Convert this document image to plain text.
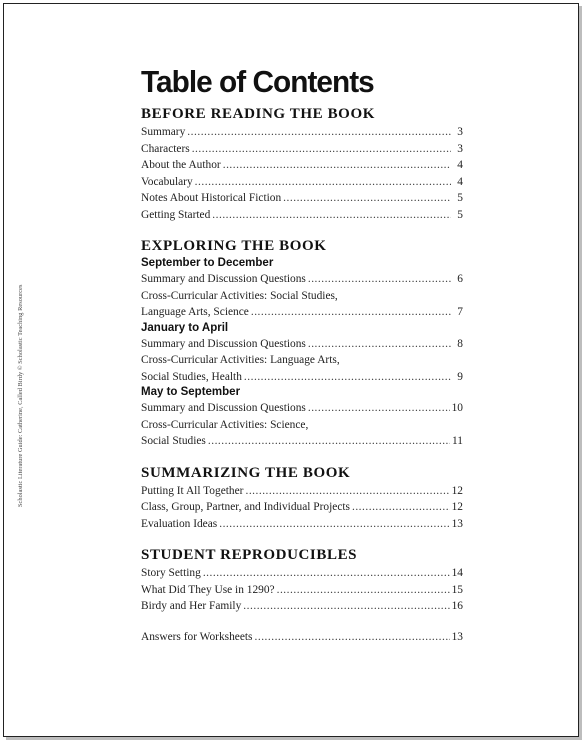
Scholastic Literature Guide: Catherine, Called Birdy © Scholastic Teaching Resources
Table of Contents
BEFORE READING THE BOOK
Summary .....	3
Characters .....	3
About the Author .....	4
Vocabulary .....	4
Notes About Historical Fiction .....	5
Getting Started .....	5
EXPLORING THE BOOK
September to December
Summary and Discussion Questions .....	6
Cross-Curricular Activities: Social Studies,
Language Arts, Science .....	7
January to April
Summary and Discussion Questions .....	8
Cross-Curricular Activities: Language Arts,
Social Studies, Health .....	9
May to September
Summary and Discussion Questions .....	10
Cross-Curricular Activities: Science,
Social Studies .....	11
SUMMARIZING THE BOOK
Putting It All Together .....	12
Class, Group, Partner, and Individual Projects .....	12
Evaluation Ideas .....	13
STUDENT REPRODUCIBLES
Story Setting .....	14
What Did They Use in 1290? .....	15
Birdy and Her Family .....	16
Answers for Worksheets .....	13
